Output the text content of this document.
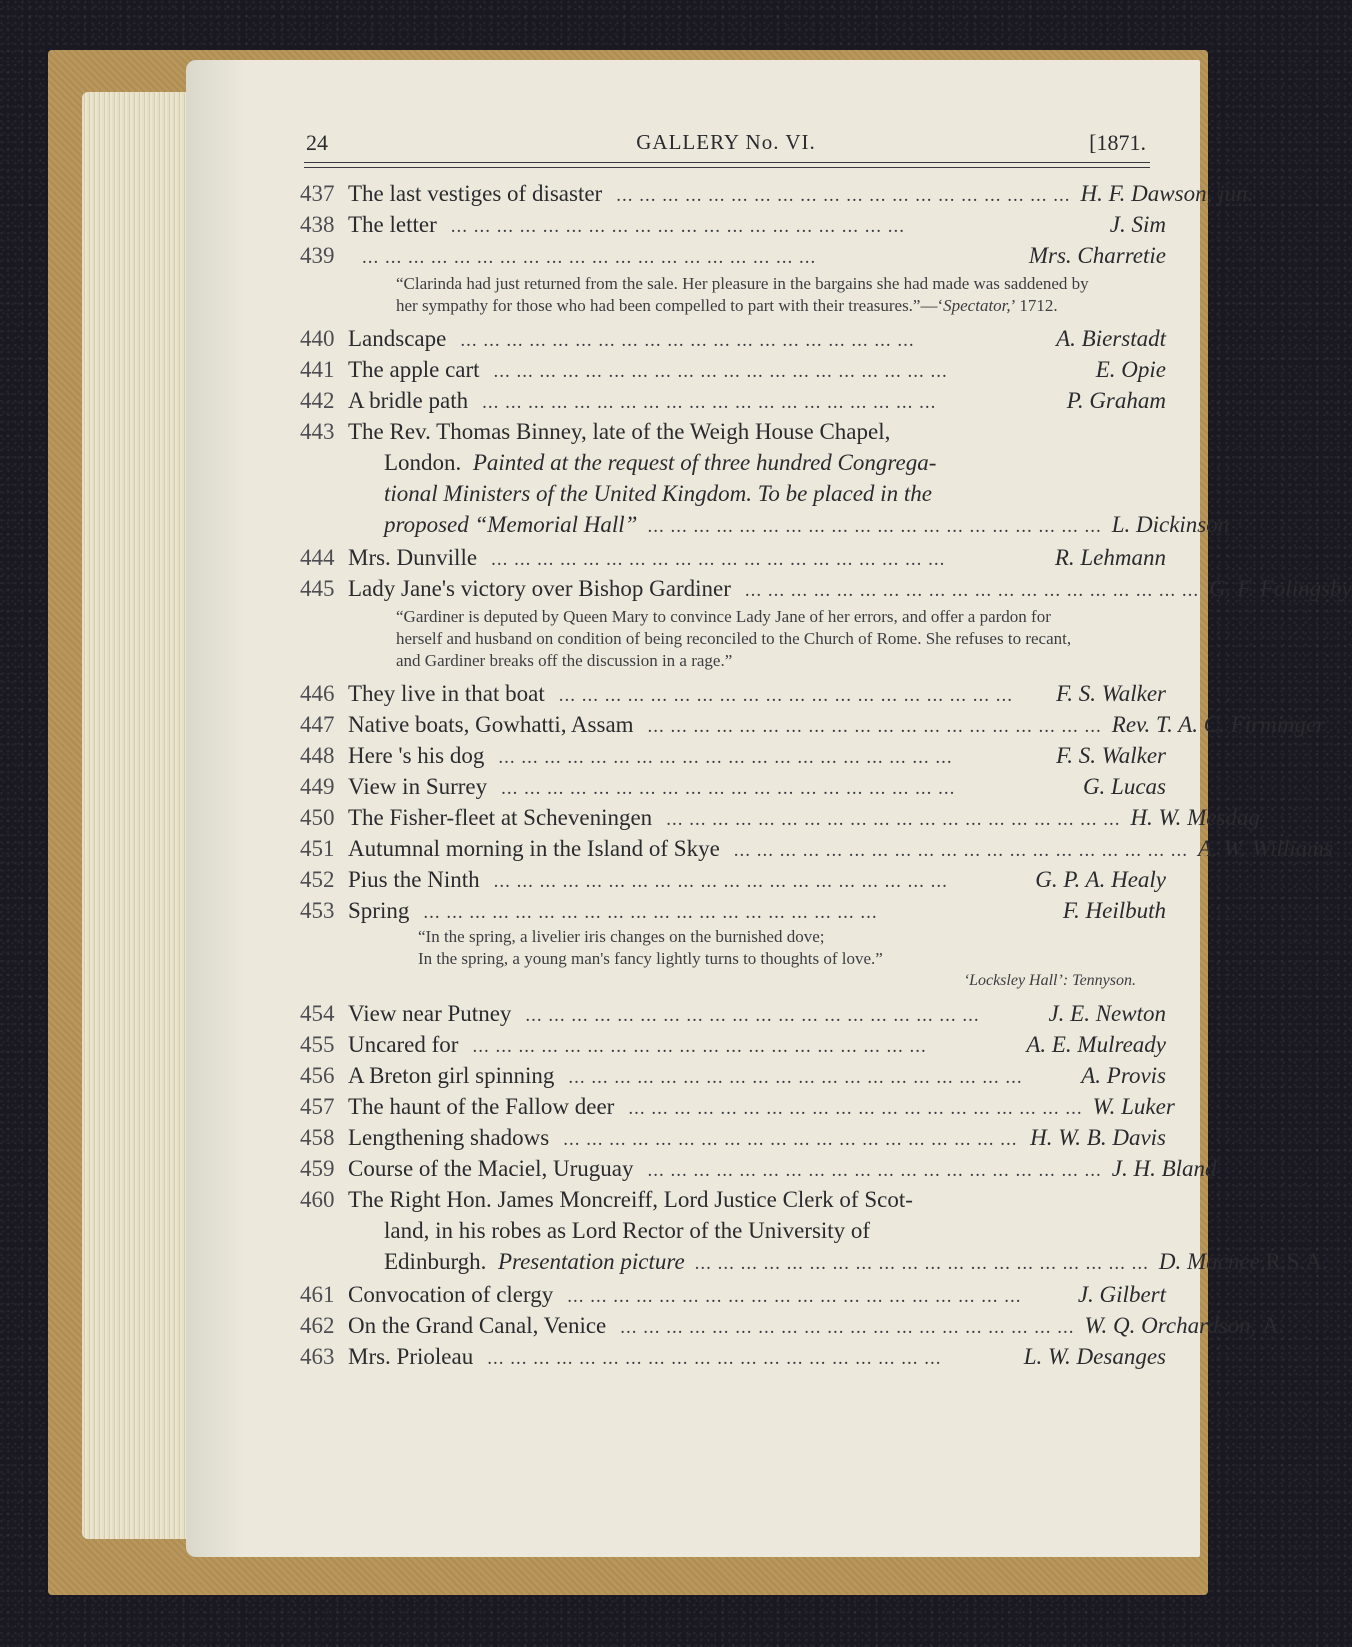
GALLERY No. VI.
24	[1871.
437 The last vestiges of disaster ... ... ... ... ... ... ... ... ... ... ... ... ... ... ... ... ... ... ... ... H. F. Dawson, jun.
438 The letter ... ... ... ... ... ... ... ... ... ... ... ... ... ... ... ... ... ... ... ...	J. Sim
439	... ... ... ... ... ... ... ... ... ... ... ... ... ... ... ... ... ... ... ...	Mrs. Charretie
“Clarinda had just returned from the sale. Her pleasure in the bargains she had made was saddened by her sympathy for those who had been compelled to part with their treasures.”—‘Spectator,’ 1712.
440 Landscape ... ... ... ... ... ... ... ... ... ... ... ... ... ... ... ... ... ... ... ...	A. Bierstadt
441 The apple cart ... ... ... ... ... ... ... ... ... ... ... ... ... ... ... ... ... ... ... ...	E. Opie
442 A bridle path ... ... ... ... ... ... ... ... ... ... ... ... ... ... ... ... ... ... ... ...	P. Graham
443 The Rev. Thomas Binney, late of the Weigh House Chapel,
London. Painted at the request of three hundred Congrega-
tional Ministers of the United Kingdom. To be placed in the
proposed “Memorial Hall” ... ... ... ... ... ... ... ... ... ... ... ... ... ... ... ... ... ... ... ... L. Dickinson
444 Mrs. Dunville ... ... ... ... ... ... ... ... ... ... ... ... ... ... ... ... ... ... ... ...	R. Lehmann
445 Lady Jane's victory over Bishop Gardiner ... ... ... ... ... ... ... ... ... ... ... ... ... ... ... ... ... ... ... ... G. F. Folingsby
“Gardiner is deputed by Queen Mary to convince Lady Jane of her errors, and offer a pardon for herself and husband on condition of being reconciled to the Church of Rome. She refuses to recant, and Gardiner breaks off the discussion in a rage.”
446 They live in that boat ... ... ... ... ... ... ... ... ... ... ... ... ... ... ... ... ... ... ... ...	F. S. Walker
447 Native boats, Gowhatti, Assam ... ... ... ... ... ... ... ... ... ... ... ... ... ... ... ... ... ... ... ... Rev. T. A. C. Firminger
448 Here 's his dog ... ... ... ... ... ... ... ... ... ... ... ... ... ... ... ... ... ... ... ...	F. S. Walker
449 View in Surrey ... ... ... ... ... ... ... ... ... ... ... ... ... ... ... ... ... ... ... ...	G. Lucas
450 The Fisher-fleet at Scheveningen ... ... ... ... ... ... ... ... ... ... ... ... ... ... ... ... ... ... ... ... H. W. Mesdag
451 Autumnal morning in the Island of Skye ... ... ... ... ... ... ... ... ... ... ... ... ... ... ... ... ... ... ... ... A. W. Williams
452 Pius the Ninth ... ... ... ... ... ... ... ... ... ... ... ... ... ... ... ... ... ... ... ...	G. P. A. Healy
453 Spring ... ... ... ... ... ... ... ... ... ... ... ... ... ... ... ... ... ... ... ...	F. Heilbuth
“In the spring, a livelier iris changes on the burnished dove;
In the spring, a young man's fancy lightly turns to thoughts of love.”
‘Locksley Hall’: Tennyson.
454 View near Putney ... ... ... ... ... ... ... ... ... ... ... ... ... ... ... ... ... ... ... ...	J. E. Newton
455 Uncared for ... ... ... ... ... ... ... ... ... ... ... ... ... ... ... ... ... ... ... ...	A. E. Mulready
456 A Breton girl spinning ... ... ... ... ... ... ... ... ... ... ... ... ... ... ... ... ... ... ... ...	A. Provis
457 The haunt of the Fallow deer ... ... ... ... ... ... ... ... ... ... ... ... ... ... ... ... ... ... ... ... W. Luker
458 Lengthening shadows ... ... ... ... ... ... ... ... ... ... ... ... ... ... ... ... ... ... ... ... H. W. B. Davis
459 Course of the Maciel, Uruguay ... ... ... ... ... ... ... ... ... ... ... ... ... ... ... ... ... ... ... ... J. H. Bland
460 The Right Hon. James Moncreiff, Lord Justice Clerk of Scot-
land, in his robes as Lord Rector of the University of
Edinburgh.
Presentation picture ... ... ... ... ... ... ... ... ... ... ... ... ... ... ... ... ... ... ... ... D. Macnee,R.S.A.
461 Convocation of clergy ... ... ... ... ... ... ... ... ... ... ... ... ... ... ... ... ... ... ... ...	J. Gilbert
462 On the Grand Canal, Venice ... ... ... ... ... ... ... ... ... ... ... ... ... ... ... ... ... ... ... ... W. Q. Orchardson, A.
463 Mrs. Prioleau ... ... ... ... ... ... ... ... ... ... ... ... ... ... ... ... ... ... ... ...	L. W. Desanges
